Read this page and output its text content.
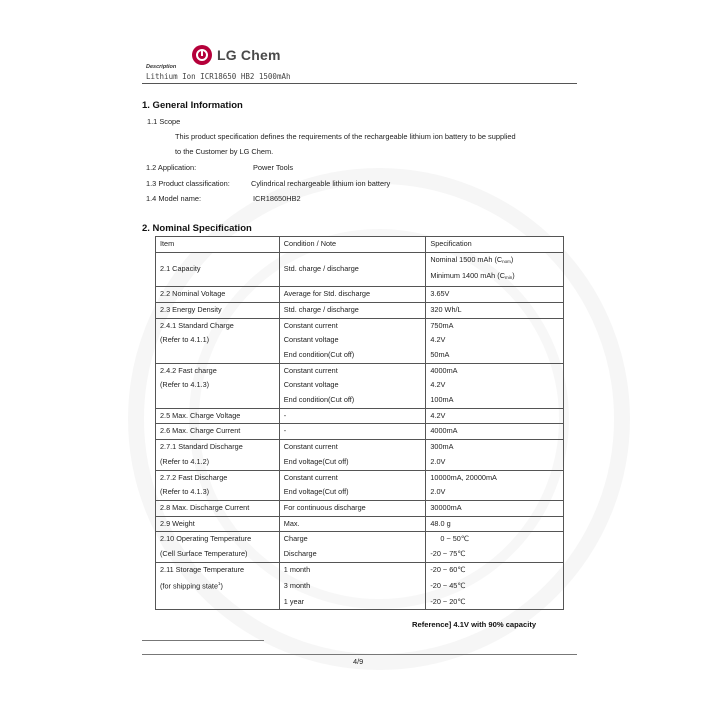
LG Chem
Description
Lithium Ion ICR18650 HB2 1500mAh
1. General Information
1.1 Scope
This product specification defines the requirements of the rechargeable lithium ion battery to be supplied
to the Customer by LG Chem.
1.2 Application:	Power Tools
1.3 Product classification:	Cylindrical rechargeable lithium ion battery
1.4 Model name:	ICR18650HB2
2. Nominal Specification
Item	Condition / Note	Specification
2.1 Capacity	Std. charge / discharge	Nominal 1500 mAh $(C_{nom})$
		Minimum 1400 mAh $(C_{min})$
2.2 Nominal Voltage	Average for Std. discharge	3.65V
2.3 Energy Density	Std. charge / discharge	320 Wh/L
2.4.1 Standard Charge	Constant current	750mA
(Refer to 4.1.1)	Constant voltage	4.2V
	End condition(Cut off)	50mA
2.4.2 Fast charge	Constant current	4000mA
(Refer to 4.1.3)	Constant voltage	4.2V
	End condition(Cut off)	100mA
2.5 Max. Charge Voltage	-	4.2V
2.6 Max. Charge Current	-	4000mA
2.7.1 Standard Discharge	Constant current	300mA
(Refer to 4.1.2)	End voltage(Cut off)	2.0V
2.7.2 Fast Discharge	Constant current	10000mA, 20000mA
(Refer to 4.1.3)	End voltage(Cut off)	2.0V
2.8 Max. Discharge Current	For continuous discharge	30000mA
2.9 Weight	Max.	48.0 g
2.10 Operating Temperature	Charge	0 ~ 50℃
(Cell Surface Temperature)	Discharge	-20 ~ 75℃
2.11 Storage Temperature	1 month	-20 ~ 60℃
(for shipping state$^1$)	3 month	-20 ~ 45℃
	1 year	-20 ~ 20℃
Reference] 4.1V with 90% capacity
4/9
